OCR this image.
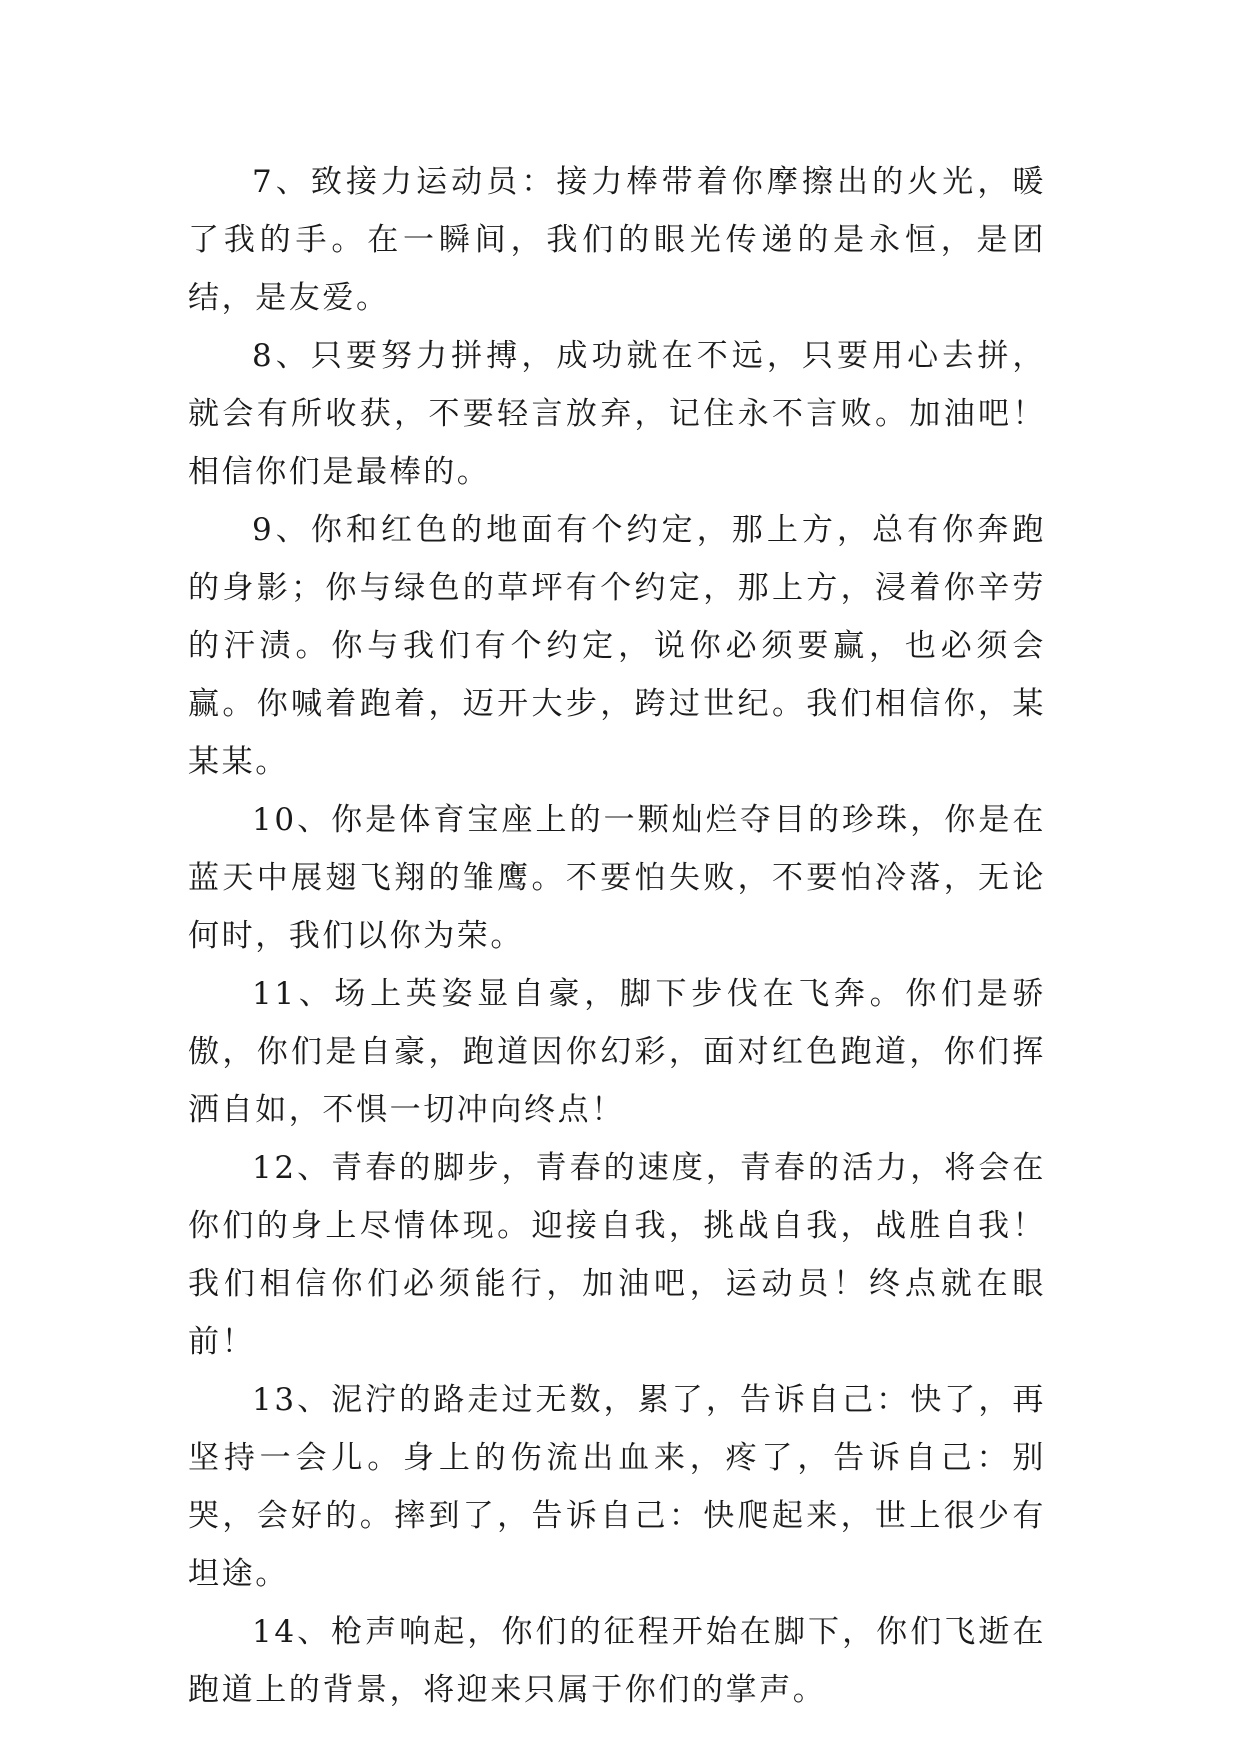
7、致接力运动员：接力棒带着你摩擦出的火光，暖了我的手。在一瞬间，我们的眼光传递的是永恒，是团结，是友爱。

8、只要努力拼搏，成功就在不远，只要用心去拼，就会有所收获，不要轻言放弃，记住永不言败。加油吧！相信你们是最棒的。

9、你和红色的地面有个约定，那上方，总有你奔跑的身影；你与绿色的草坪有个约定，那上方，浸着你辛劳的汗渍。你与我们有个约定，说你必须要赢，也必须会赢。你喊着跑着，迈开大步，跨过世纪。我们相信你，某某某。

10、你是体育宝座上的一颗灿烂夺目的珍珠，你是在蓝天中展翅飞翔的雏鹰。不要怕失败，不要怕冷落，无论何时，我们以你为荣。

11、场上英姿显自豪，脚下步伐在飞奔。你们是骄傲，你们是自豪，跑道因你幻彩，面对红色跑道，你们挥洒自如，不惧一切冲向终点！

12、青春的脚步，青春的速度，青春的活力，将会在你们的身上尽情体现。迎接自我，挑战自我，战胜自我！我们相信你们必须能行，加油吧，运动员！终点就在眼前！

13、泥泞的路走过无数，累了，告诉自己：快了，再坚持一会儿。身上的伤流出血来，疼了，告诉自己：别哭，会好的。摔到了，告诉自己：快爬起来，世上很少有坦途。

14、枪声响起，你们的征程开始在脚下，你们飞逝在跑道上的背景，将迎来只属于你们的掌声。
